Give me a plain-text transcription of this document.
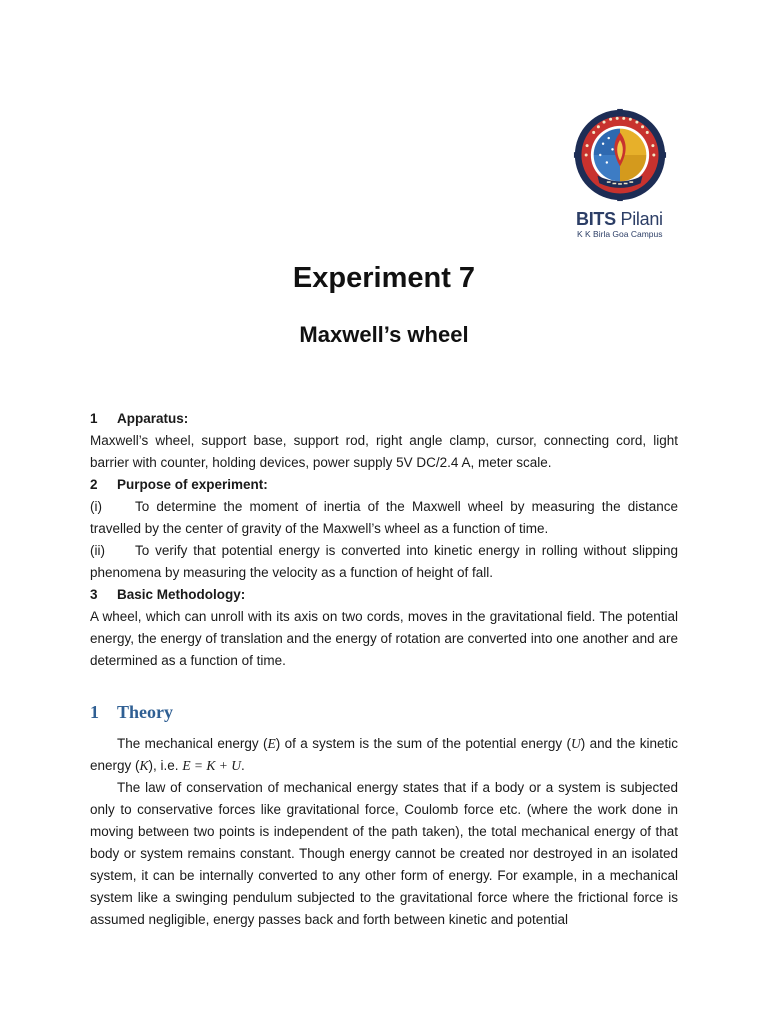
BITS Pilani
K K Birla Goa Campus
Experiment 7
Maxwell’s wheel
1 Apparatus:
Maxwell’s wheel, support base, support rod, right angle clamp, cursor, connecting cord, light barrier with counter, holding devices, power supply 5V DC/2.4 A, meter scale.
2 Purpose of experiment:
(i) To determine the moment of inertia of the Maxwell wheel by measuring the distance travelled by the center of gravity of the Maxwell’s wheel as a function of time.
(ii) To verify that potential energy is converted into kinetic energy in rolling without slipping phenomena by measuring the velocity as a function of height of fall.
3 Basic Methodology:
A wheel, which can unroll with its axis on two cords, moves in the gravitational field. The potential energy, the energy of translation and the energy of rotation are converted into one another and are determined as a function of time.
1 Theory
The mechanical energy (E) of a system is the sum of the potential energy (U) and the kinetic energy (K), i.e. E = K + U.
The law of conservation of mechanical energy states that if a body or a system is subjected only to conservative forces like gravitational force, Coulomb force etc. (where the work done in moving between two points is independent of the path taken), the total mechanical energy of that body or system remains constant. Though energy cannot be created nor destroyed in an isolated system, it can be internally converted to any other form of energy. For example, in a mechanical system like a swinging pendulum subjected to the gravitational force where the frictional force is assumed negligible, energy passes back and forth between kinetic and potential
